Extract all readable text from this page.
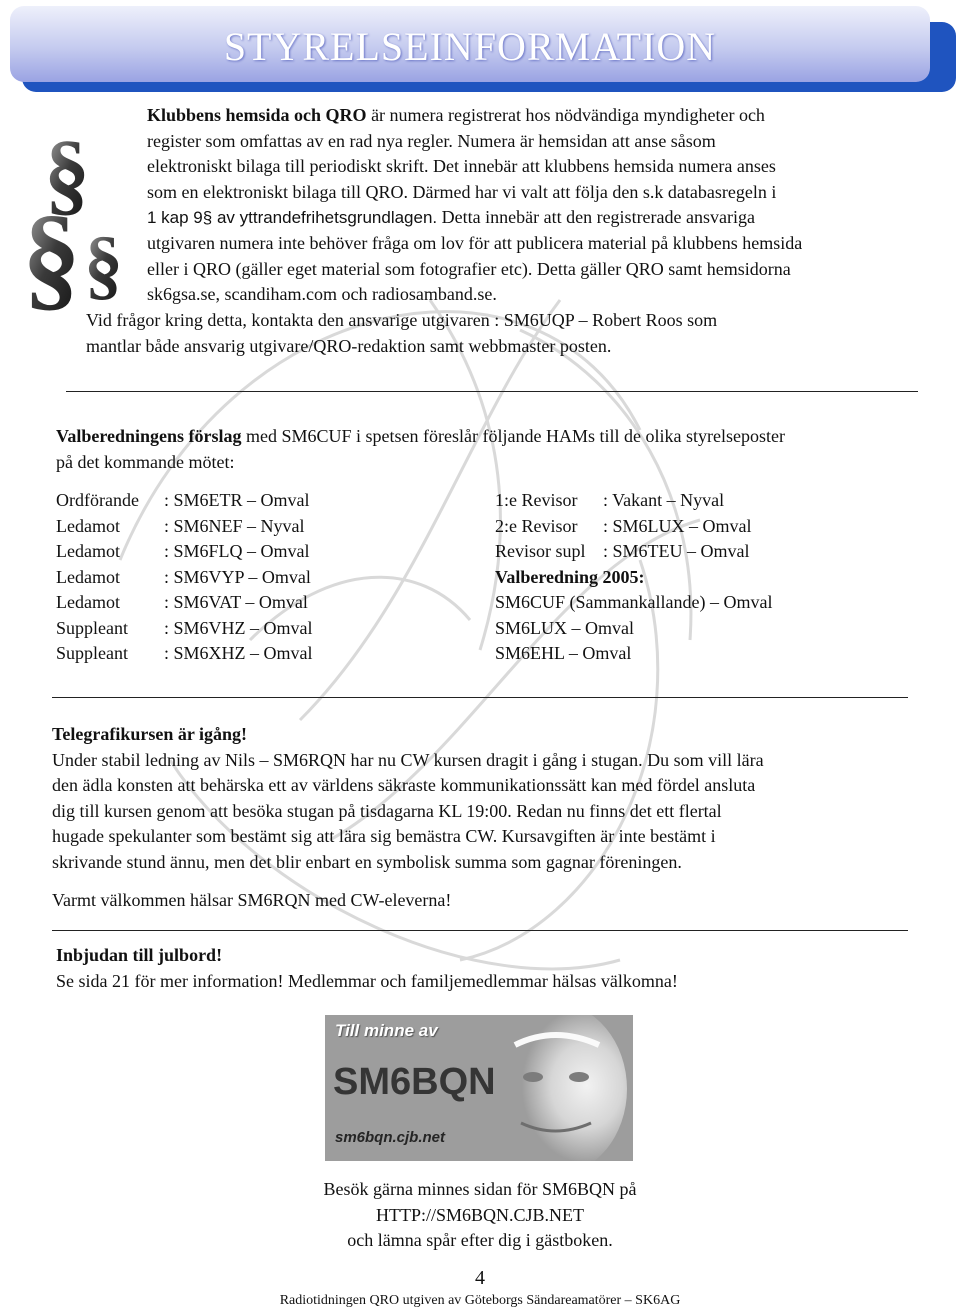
STYRELSEINFORMATION
§
§ §
Klubbens hemsida och QRO är numera registrerat hos nödvändiga myndigheter och
register som omfattas av en rad nya regler. Numera är hemsidan att anse såsom
elektroniskt bilaga till periodiskt skrift. Det innebär att klubbens hemsida numera anses
som en elektroniskt bilaga till QRO. Därmed har vi valt att följa den s.k databasregeln i
1 kap 9§ av yttrandefrihetsgrundlagen. Detta innebär att den registrerade ansvariga
utgivaren numera inte behöver fråga om lov för att publicera material på klubbens hemsida
eller i QRO (gäller eget material som fotografier etc). Detta gäller QRO samt hemsidorna
sk6gsa.se, scandiham.com och radiosamband.se.
Vid frågor kring detta, kontakta den ansvarige utgivaren : SM6UQP – Robert Roos som
mantlar både ansvarig utgivare/QRO-redaktion samt webbmaster posten.
Valberedningens förslag med SM6CUF i spetsen föreslår följande HAMs till de olika styrelseposter
på det kommande mötet:
Ordförande : SM6ETR – Omval
Ledamot : SM6NEF – Nyval
Ledamot : SM6FLQ – Omval
Ledamot : SM6VYP – Omval
Ledamot : SM6VAT – Omval
Suppleant : SM6VHZ – Omval
Suppleant : SM6XHZ – Omval
1:e Revisor : Vakant – Nyval
2:e Revisor : SM6LUX – Omval
Revisor supl : SM6TEU – Omval
Valberedning 2005:
SM6CUF (Sammankallande) – Omval
SM6LUX – Omval
SM6EHL – Omval
Telegrafikursen är igång!
Under stabil ledning av Nils – SM6RQN har nu CW kursen dragit i gång i stugan. Du som vill lära
den ädla konsten att behärska ett av världens säkraste kommunikationssätt kan med fördel ansluta
dig till kursen genom att besöka stugan på tisdagarna KL 19:00. Redan nu finns det ett flertal
hugade spekulanter som bestämt sig att lära sig bemästra CW. Kursavgiften är inte bestämt i
skrivande stund ännu, men det blir enbart en symbolisk summa som gagnar föreningen.
Varmt välkommen hälsar SM6RQN med CW-eleverna!
Inbjudan till julbord!
Se sida 21 för mer information! Medlemmar och familjemedlemmar hälsas välkomna!
Till minne av
SM6BQN
sm6bqn.cjb.net
Besök gärna minnes sidan för SM6BQN på
HTTP://SM6BQN.CJB.NET
och lämna spår efter dig i gästboken.
4
Radiotidningen QRO utgiven av Göteborgs Sändareamatörer – SK6AG
